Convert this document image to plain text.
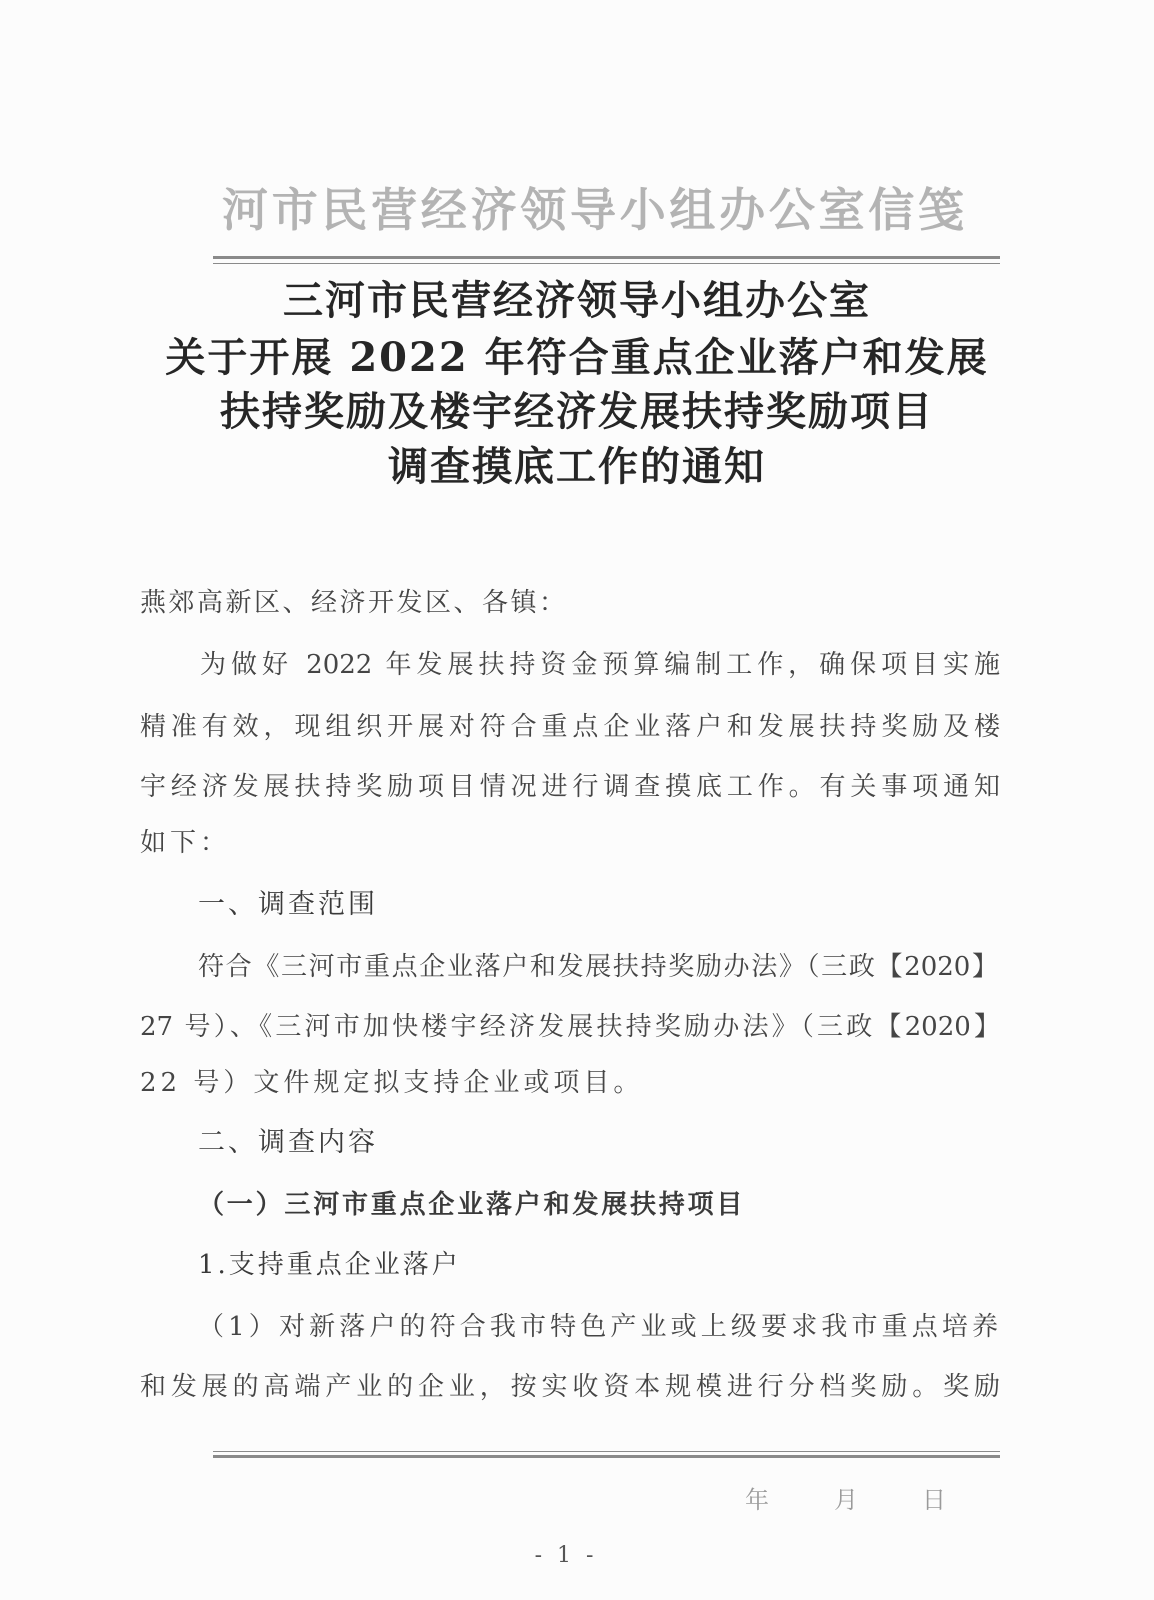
河市民营经济领导小组办公室信笺
三河市民营经济领导小组办公室
关于开展 2022 年符合重点企业落户和发展
扶持奖励及楼宇经济发展扶持奖励项目
调查摸底工作的通知
燕郊高新区、经济开发区、各镇：
为做好 2022 年发展扶持资金预算编制工作，确保项目实施
精准有效，现组织开展对符合重点企业落户和发展扶持奖励及楼
宇经济发展扶持奖励项目情况进行调查摸底工作。有关事项通知
如下：
一、调查范围
符合《三河市重点企业落户和发展扶持奖励办法》（三政【2020】
27 号）、《三河市加快楼宇经济发展扶持奖励办法》（三政【2020】
22 号）文件规定拟支持企业或项目。
二、调查内容
（一）三河市重点企业落户和发展扶持项目
1.支持重点企业落户
（1）对新落户的符合我市特色产业或上级要求我市重点培养
和发展的高端产业的企业，按实收资本规模进行分档奖励。奖励
年	月	日
- 1 -
